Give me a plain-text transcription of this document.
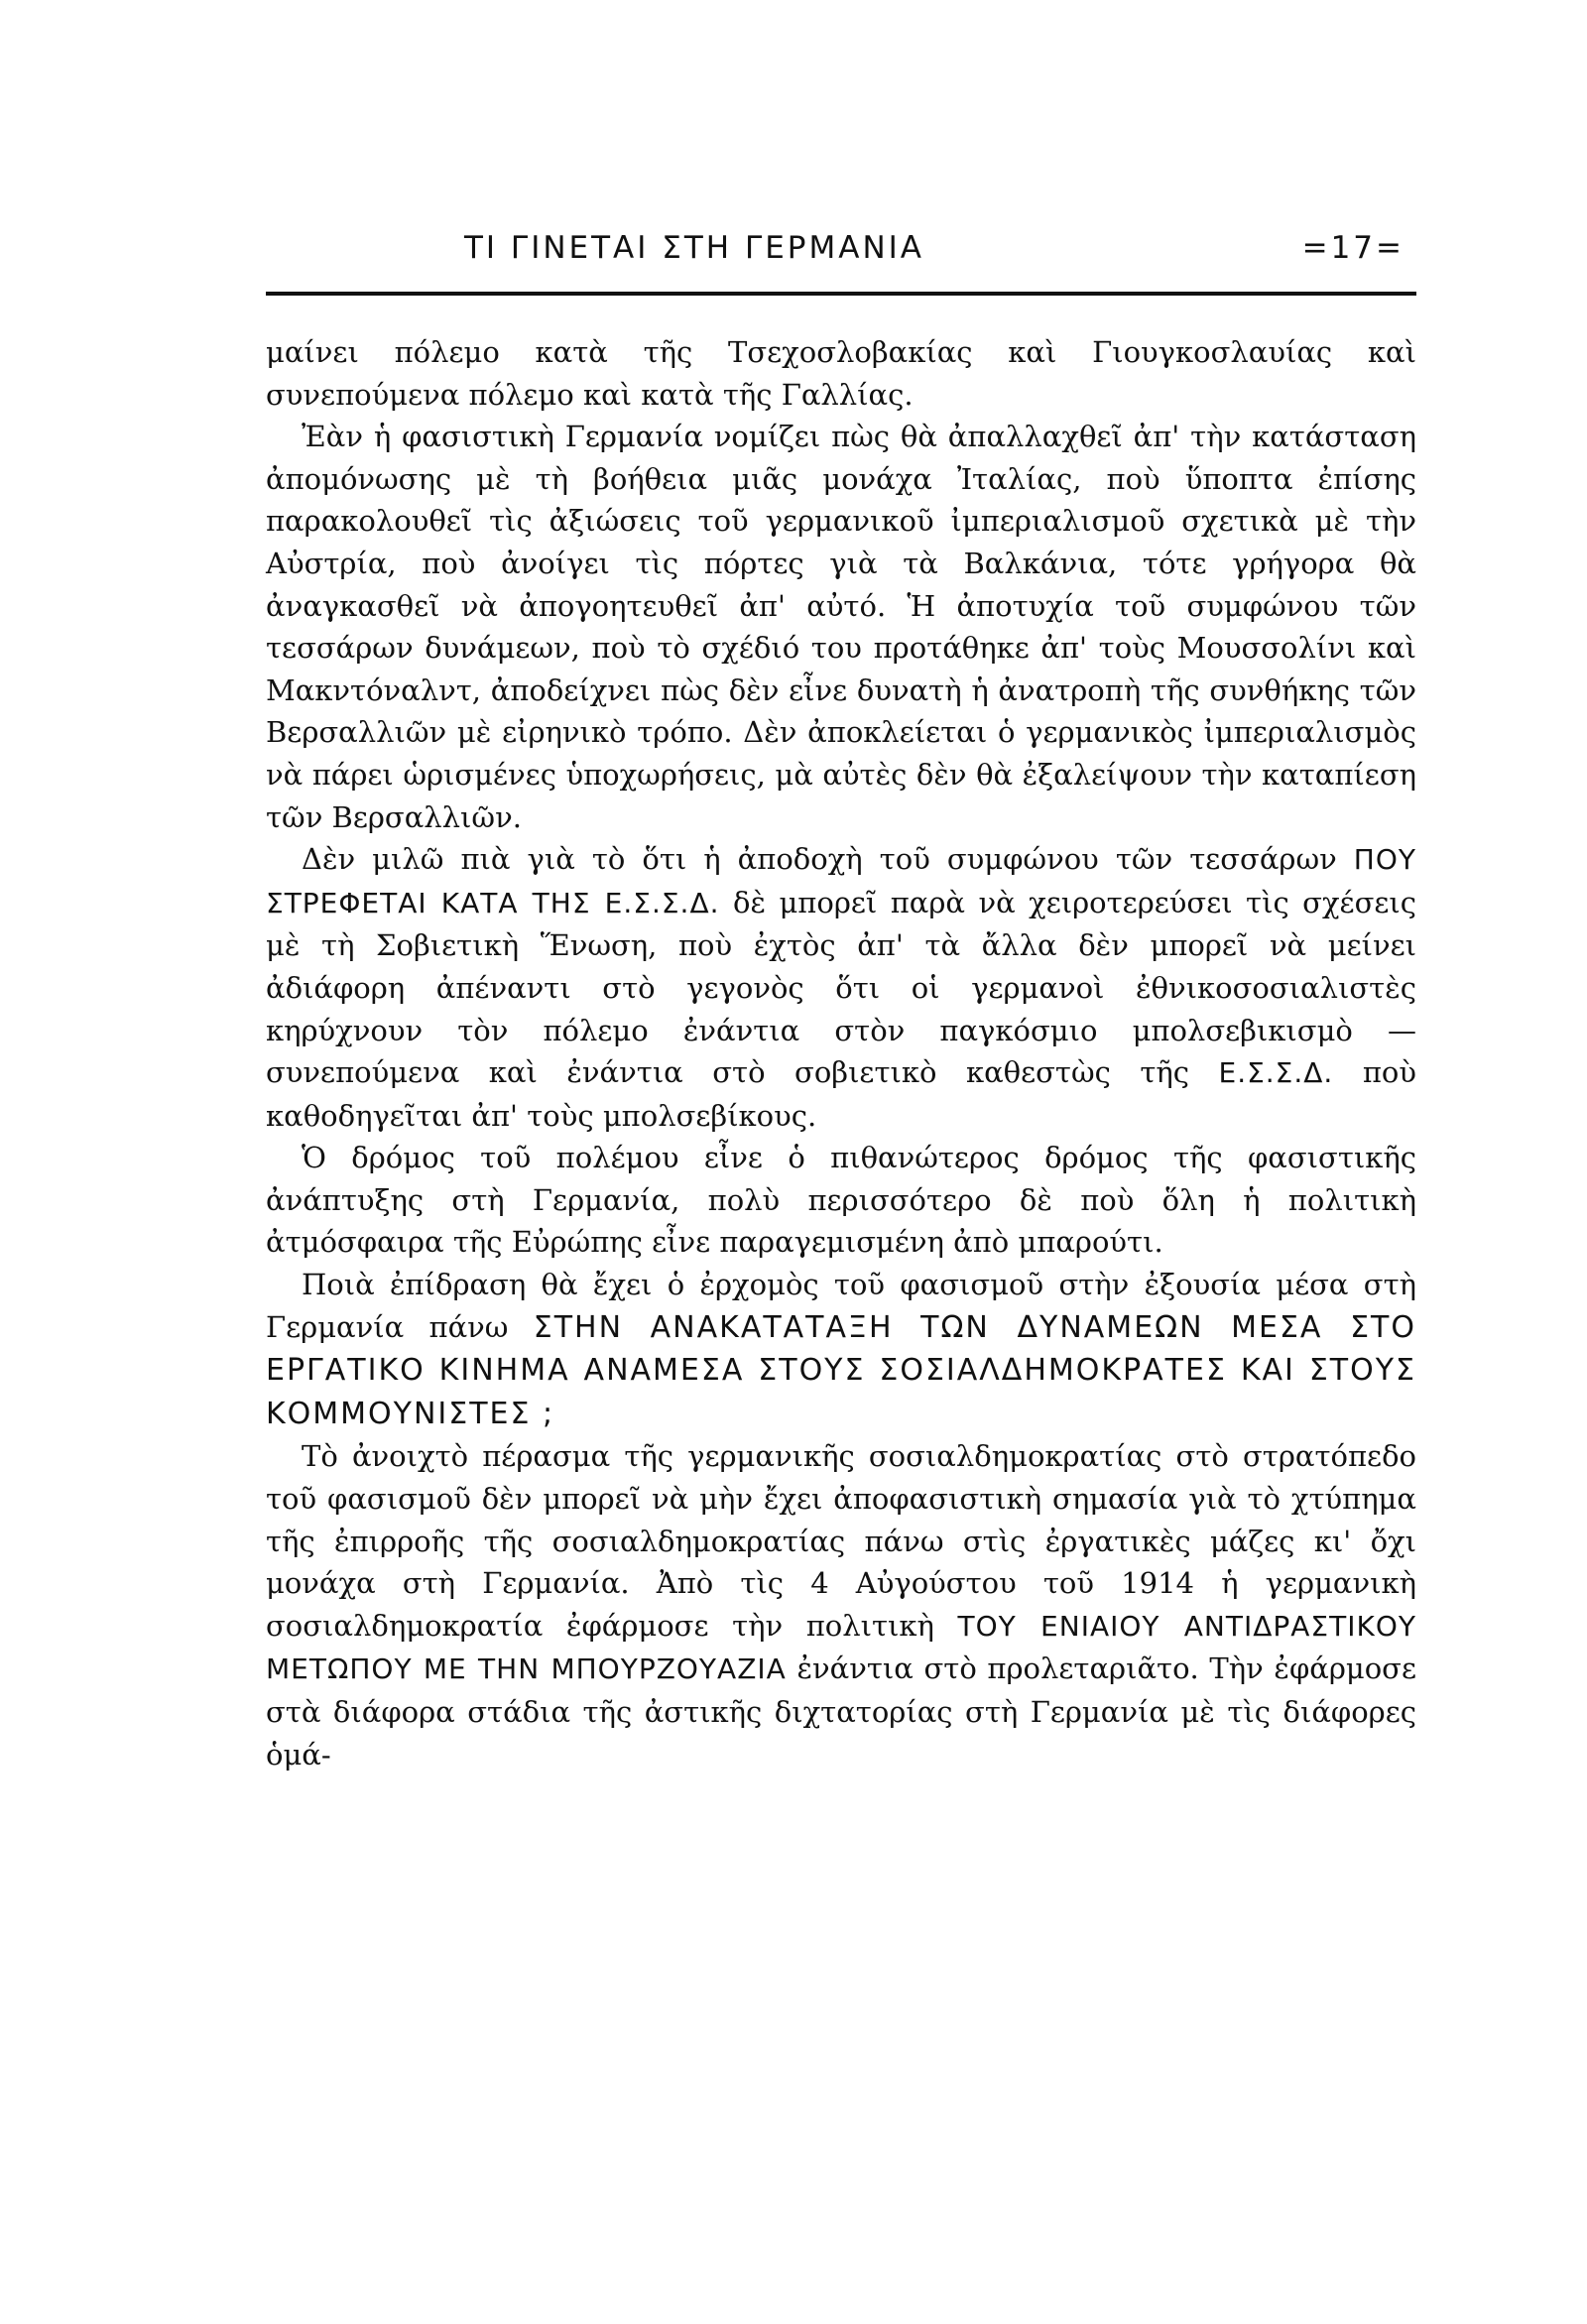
ΤΙ ΓΙΝΕΤΑΙ ΣΤΗ ΓΕΡΜΑΝΙΑ	=17=

μαίνει πόλεμο κατὰ τῆς Τσεχοσλοβακίας καὶ Γιουγκοσλαυίας καὶ συνεπούμενα πόλεμο καὶ κατὰ τῆς Γαλλίας.

Ἐὰν ἡ φασιστικὴ Γερμανία νομίζει πὼς θὰ ἀπαλλαχθεῖ ἀπ' τὴν κατάσταση ἀπομόνωσης μὲ τὴ βοήθεια μιᾶς μονάχα Ἰταλίας, ποὺ ὕποπτα ἐπίσης παρακολουθεῖ τὶς ἀξιώσεις τοῦ γερμανικοῦ ἰμπεριαλισμοῦ σχετικὰ μὲ τὴν Αὐστρία, ποὺ ἀνοίγει τὶς πόρτες γιὰ τὰ Βαλκάνια, τότε γρήγορα θὰ ἀναγκασθεῖ νὰ ἀπογοητευθεῖ ἀπ' αὐτό. Ἡ ἀποτυχία τοῦ συμφώνου τῶν τεσσάρων δυνάμεων, ποὺ τὸ σχέδιό του προτάθηκε ἀπ' τοὺς Μουσσολίνι καὶ Μακντόναλντ, ἀποδείχνει πὼς δὲν εἶνε δυνατὴ ἡ ἀνατροπὴ τῆς συνθήκης τῶν Βερσαλλιῶν μὲ εἰρηνικὸ τρόπο. Δὲν ἀποκλείεται ὁ γερμανικὸς ἰμπεριαλισμὸς νὰ πάρει ὡρισμένες ὑποχωρήσεις, μὰ αὐτὲς δὲν θὰ ἐξαλείψουν τὴν καταπίεση τῶν Βερσαλλιῶν.

Δὲν μιλῶ πιὰ γιὰ τὸ ὅτι ἡ ἀποδοχὴ τοῦ συμφώνου τῶν τεσσάρων ΠΟΥ ΣΤΡΕΦΕΤΑΙ ΚΑΤΑ ΤΗΣ Ε.Σ.Σ.Δ. δὲ μπορεῖ παρὰ νὰ χειροτερεύσει τὶς σχέσεις μὲ τὴ Σοβιετικὴ Ἕνωση, ποὺ ἐχτὸς ἀπ' τὰ ἄλλα δὲν μπορεῖ νὰ μείνει ἀδιάφορη ἀπέναντι στὸ γεγονὸς ὅτι οἱ γερμανοὶ ἐθνικοσοσιαλιστὲς κηρύχνουν τὸν πόλεμο ἐνάντια στὸν παγκόσμιο μπολσεβικισμὸ — συνεπούμενα καὶ ἐνάντια στὸ σοβιετικὸ καθεστὼς τῆς Ε.Σ.Σ.Δ. ποὺ καθοδηγεῖται ἀπ' τοὺς μπολσεβίκους.

Ὁ δρόμος τοῦ πολέμου εἶνε ὁ πιθανώτερος δρόμος τῆς φασιστικῆς ἀνάπτυξης στὴ Γερμανία, πολὺ περισσότερο δὲ ποὺ ὅλη ἡ πολιτικὴ ἀτμόσφαιρα τῆς Εὐρώπης εἶνε παραγεμισμένη ἀπὸ μπαρούτι.

Ποιὰ ἐπίδραση θὰ ἔχει ὁ ἐρχομὸς τοῦ φασισμοῦ στὴν ἐξουσία μέσα στὴ Γερμανία πάνω ΣΤΗΝ ΑΝΑΚΑΤΑΤΑΞΗ ΤΩΝ ΔΥΝΑΜΕΩΝ ΜΕΣΑ ΣΤΟ ΕΡΓΑΤΙΚΟ ΚΙΝΗΜΑ ΑΝΑΜΕΣΑ ΣΤΟΥΣ ΣΟΣΙΑΛΔΗΜΟΚΡΑΤΕΣ ΚΑΙ ΣΤΟΥΣ ΚΟΜΜΟΥΝΙΣΤΕΣ ;

Τὸ ἀνοιχτὸ πέρασμα τῆς γερμανικῆς σοσιαλδημοκρατίας στὸ στρατόπεδο τοῦ φασισμοῦ δὲν μπορεῖ νὰ μὴν ἔχει ἀποφασιστικὴ σημασία γιὰ τὸ χτύπημα τῆς ἐπιρροῆς τῆς σοσιαλδημοκρατίας πάνω στὶς ἐργατικὲς μάζες κι' ὄχι μονάχα στὴ Γερμανία. Ἀπὸ τὶς 4 Αὐγούστου τοῦ 1914 ἡ γερμανικὴ σοσιαλδημοκρατία ἐφάρμοσε τὴν πολιτικὴ ΤΟΥ ΕΝΙΑΙΟΥ ΑΝΤΙΔΡΑΣΤΙΚΟΥ ΜΕΤΩΠΟΥ ΜΕ ΤΗΝ ΜΠΟΥΡΖΟΥΑΖΙΑ ἐνάντια στὸ προλεταριᾶτο. Τὴν ἐφάρμοσε στὰ διάφορα στάδια τῆς ἀστικῆς διχτατορίας στὴ Γερμανία μὲ τὶς διάφορες ὁμά-
